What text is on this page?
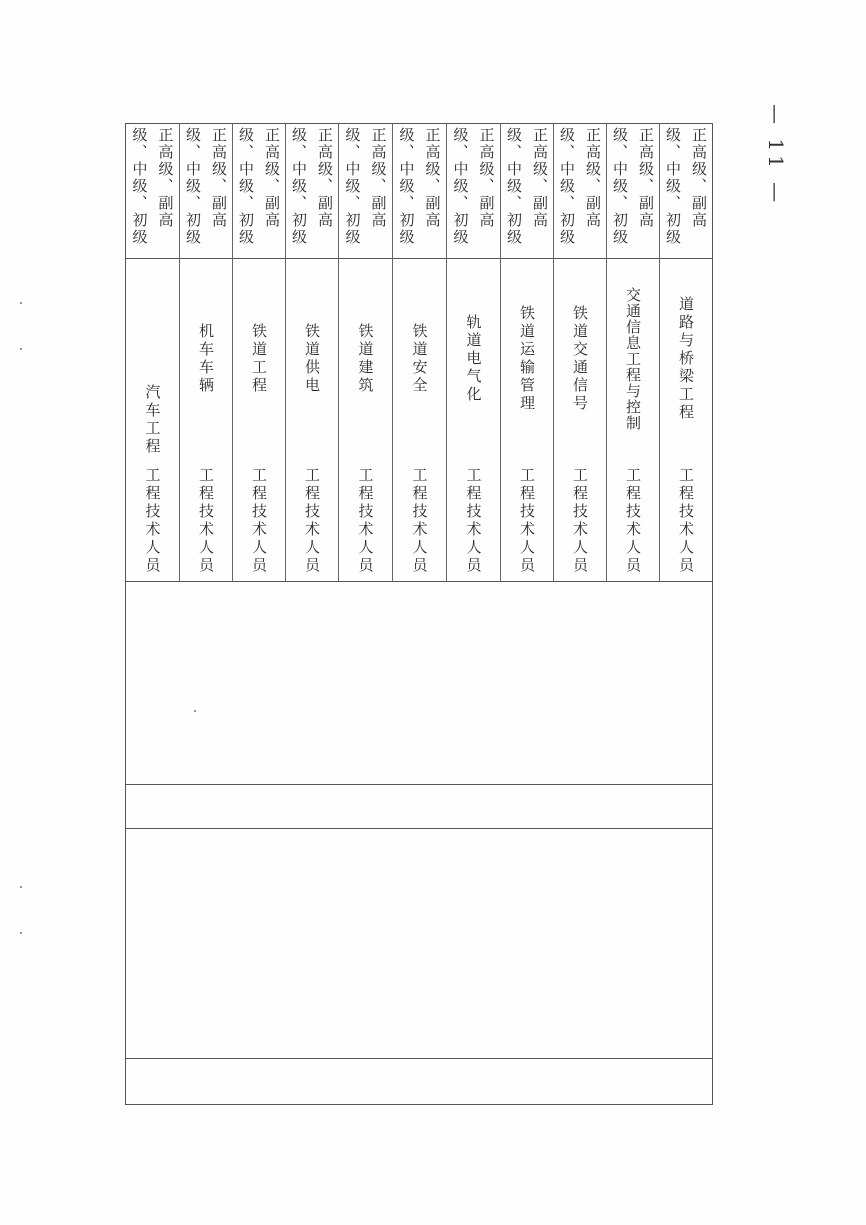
正高级、副高级、中级、初级
汽车工程
工程技术人员
正高级、副高级、中级、初级
机车车辆
工程技术人员
正高级、副高级、中级、初级
铁道工程
工程技术人员
正高级、副高级、中级、初级
铁道供电
工程技术人员
正高级、副高级、中级、初级
铁道建筑
工程技术人员
正高级、副高级、中级、初级
铁道安全
工程技术人员
正高级、副高级、中级、初级
轨道电气化
工程技术人员
正高级、副高级、中级、初级
铁道运输管理
工程技术人员
正高级、副高级、中级、初级
铁道交通信号
工程技术人员
正高级、副高级、中级、初级
交通信息工程与控制
工程技术人员
正高级、副高级、中级、初级
道路与桥梁工程
工程技术人员
— 11 —
